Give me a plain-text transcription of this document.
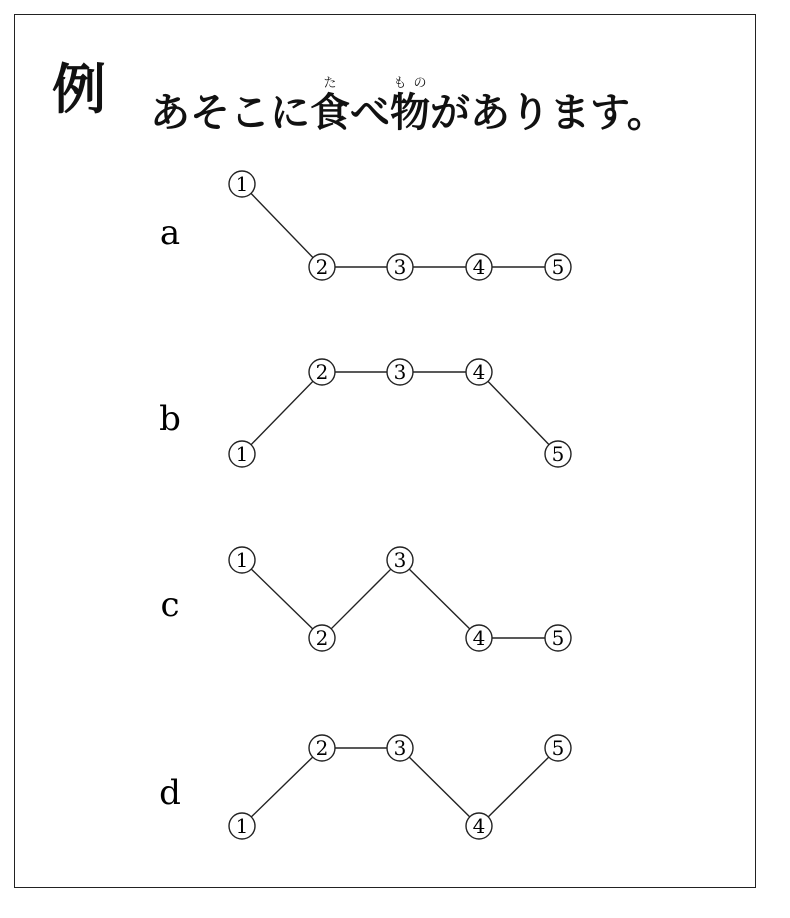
例 あそこに 食たべ物もの
があります。
a
1
2	3	4	5
b
1
2	3	4
5
c
1
2
3
4	5
d
1
2	3
4
5
